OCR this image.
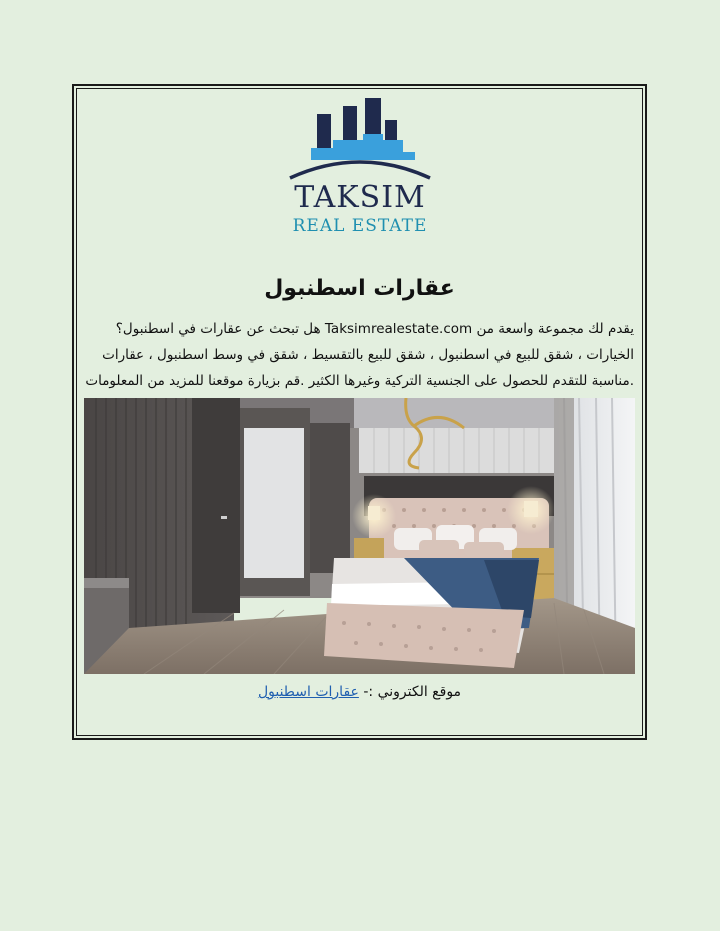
TAKSIM
REAL ESTATE
عقارات اسطنبول

يقدم لك مجموعة واسعة من Taksimrealestate.com هل تبحث عن عقارات في اسطنبول؟
الخيارات ، شقق للبيع في اسطنبول ، شقق للبيع بالتقسيط ، شقق في وسط اسطنبول ، عقارات
.مناسبة للتقدم للحصول على الجنسية التركية وغيرها الكثير .قم بزيارة موقعنا للمزيد من المعلومات

موقع الكتروني :- عقارات اسطنبول
